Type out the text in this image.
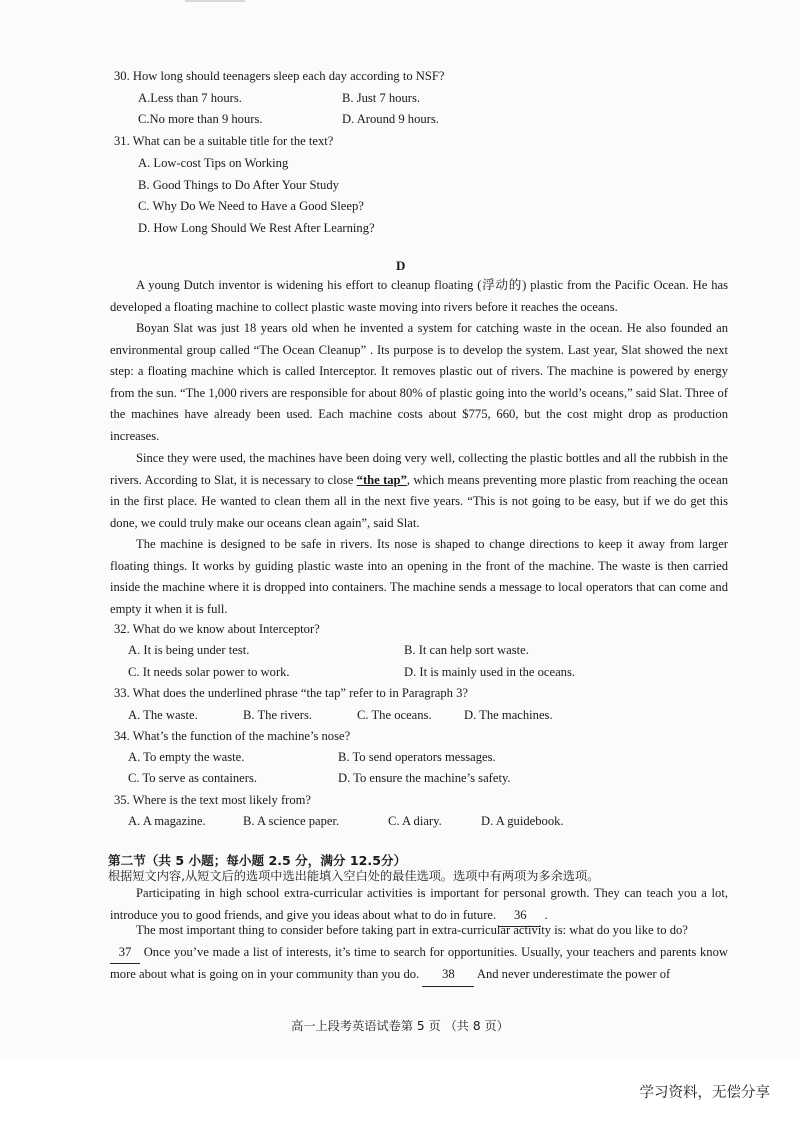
30. How long should teenagers sleep each day according to NSF?
A.Less than 7 hours.	B. Just 7 hours.
C.No more than 9 hours.	D. Around 9 hours.
31. What can be a suitable title for the text?
A. Low-cost Tips on Working
B. Good Things to Do After Your Study
C. Why Do We Need to Have a Good Sleep?
D. How Long Should We Rest After Learning?
D
A young Dutch inventor is widening his effort to cleanup floating (浮动的) plastic from the Pacific Ocean. He has developed a floating machine to collect plastic waste moving into rivers before it reaches the oceans.
Boyan Slat was just 18 years old when he invented a system for catching waste in the ocean. He also founded an environmental group called “The Ocean Cleanup” . Its purpose is to develop the system. Last year, Slat showed the next step: a floating machine which is called Interceptor. It removes plastic out of rivers. The machine is powered by energy from the sun. “The 1,000 rivers are responsible for about 80% of plastic going into the world’s oceans,” said Slat. Three of the machines have already been used. Each machine costs about $775, 660, but the cost might drop as production increases.
Since they were used, the machines have been doing very well, collecting the plastic bottles and all the rubbish in the rivers. According to Slat, it is necessary to close “the tap”, which means preventing more plastic from reaching the ocean in the first place. He wanted to clean them all in the next five years. “This is not going to be easy, but if we do get this done, we could truly make our oceans clean again”, said Slat.
The machine is designed to be safe in rivers. Its nose is shaped to change directions to keep it away from larger floating things. It works by guiding plastic waste into an opening in the front of the machine. The waste is then carried inside the machine where it is dropped into containers. The machine sends a message to local operators that can come and empty it when it is full.
32. What do we know about Interceptor?
A. It is being under test.	B. It can help sort waste.
C. It needs solar power to work.	D. It is mainly used in the oceans.
33. What does the underlined phrase “the tap” refer to in Paragraph 3?
A. The waste.	B. The rivers.	C. The oceans.	D. The machines.
34. What’s the function of the machine’s nose?
A. To empty the waste.	B. To send operators messages.
C. To serve as containers.	D. To ensure the machine’s safety.
35. Where is the text most likely from?
A. A magazine.	B. A science paper.	C. A diary.	D. A guidebook.
第二节（共 5 小题；每小题 2.5 分，满分 12.5分）
根据短文内容,从短文后的选项中选出能填入空白处的最佳选项。选项中有两项为多余选项。
Participating in high school extra-curricular activities is important for personal growth. They can teach you a lot, introduce you to good friends, and give you ideas about what to do in future. 36 .
The most important thing to consider before taking part in extra-curricular activity is: what do you like to do?
37 Once you’ve made a list of interests, it’s time to search for opportunities. Usually, your teachers and parents know more about what is going on in your community than you do. 38 And never underestimate the power of
高一上段考英语试卷第 5 页 （共 8 页）
学习资料，无偿分享
